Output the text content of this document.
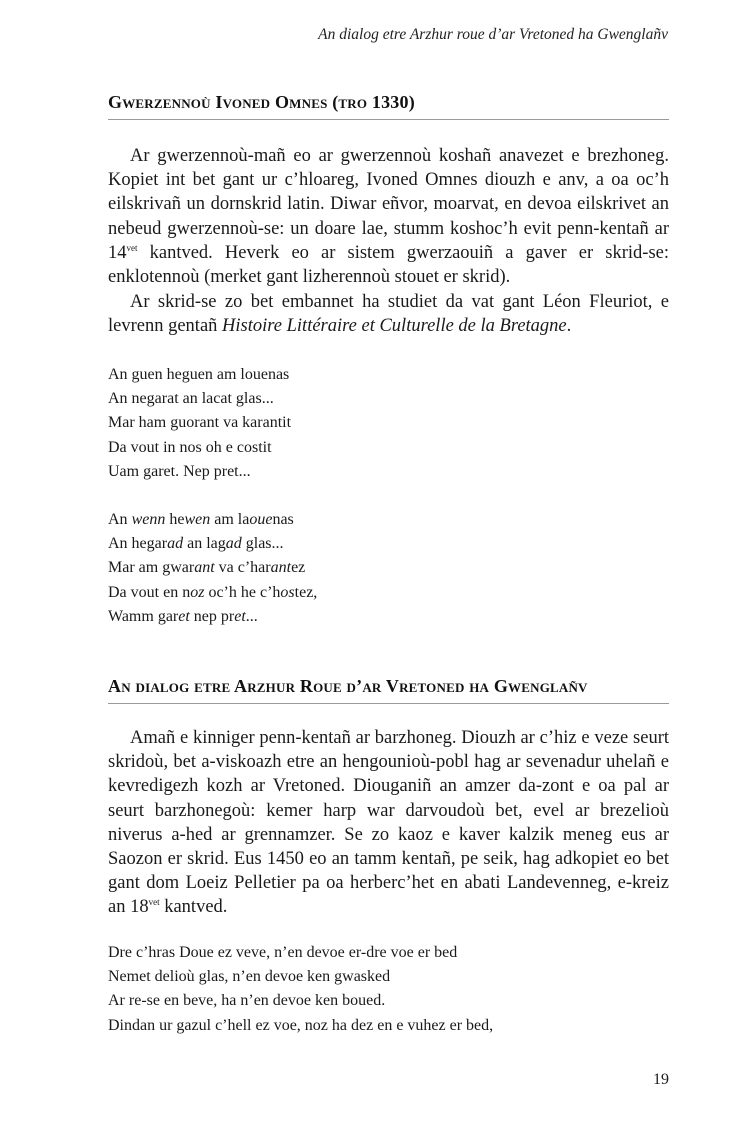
An dialog etre Arzhur roue d’ar Vretoned ha Gwenglañv
Gwerzennoù Ivoned Omnes (tro 1330)

Ar gwerzennoù-mañ eo ar gwerzennoù koshañ anavezet e brezhoneg. Kopiet int bet gant ur c’hloareg, Ivoned Omnes diouzh e anv, a oa oc’h eilskrivañ un dornskrid latin. Diwar eñvor, moarvat, en devoa eilskrivet an nebeud gwerzennoù-se: un doare lae, stumm koshoc’h evit penn-kentañ ar $14^{vet}$ kantved. Heverk eo ar sistem gwerzaouiñ a gaver er skrid-se: enklotennoù (merket gant lizherennoù stouet er skrid).

Ar skrid-se zo bet embannet ha studiet da vat gant Léon Fleuriot, e levrenn gentañ Histoire Littéraire et Culturelle de la Bretagne.

An guen heguen am louenas
An negarat an lacat glas...
Mar ham guorant va karantit
Da vout in nos oh e costit
Uam garet. Nep pret...
An wenn hewen am laouenas
An hegarad an lagad glas...
Mar am gwarant va c’harantez
Da vout en noz oc’h he c’hostez,
Wamm garet nep pret...
An dialog etre Arzhur Roue d’ar Vretoned ha Gwenglañv

Amañ e kinniger penn-kentañ ar barzhoneg. Diouzh ar c’hiz e veze seurt skridoù, bet a-viskoazh etre an hengounioù-pobl hag ar sevenadur uhelañ e kevredigezh kozh ar Vretoned. Diouganiñ an amzer da-zont e oa pal ar seurt barzhonegoù: kemer harp war darvoudoù bet, evel ar brezelioù niverus a-hed ar grennamzer. Se zo kaoz e kaver kalzik meneg eus ar Saozon er skrid. Eus 1450 eo an tamm kentañ, pe seik, hag adkopiet eo bet gant dom Loeiz Pelletier pa oa herberc’het en abati Landevenneg, e-kreiz an $18^{vet}$ kantved.

Dre c’hras Doue ez veve, n’en devoe er-dre voe er bed
Nemet delioù glas, n’en devoe ken gwasked
Ar re-se en beve, ha n’en devoe ken boued.
Dindan ur gazul c’hell ez voe, noz ha dez en e vuhez er bed,
19
